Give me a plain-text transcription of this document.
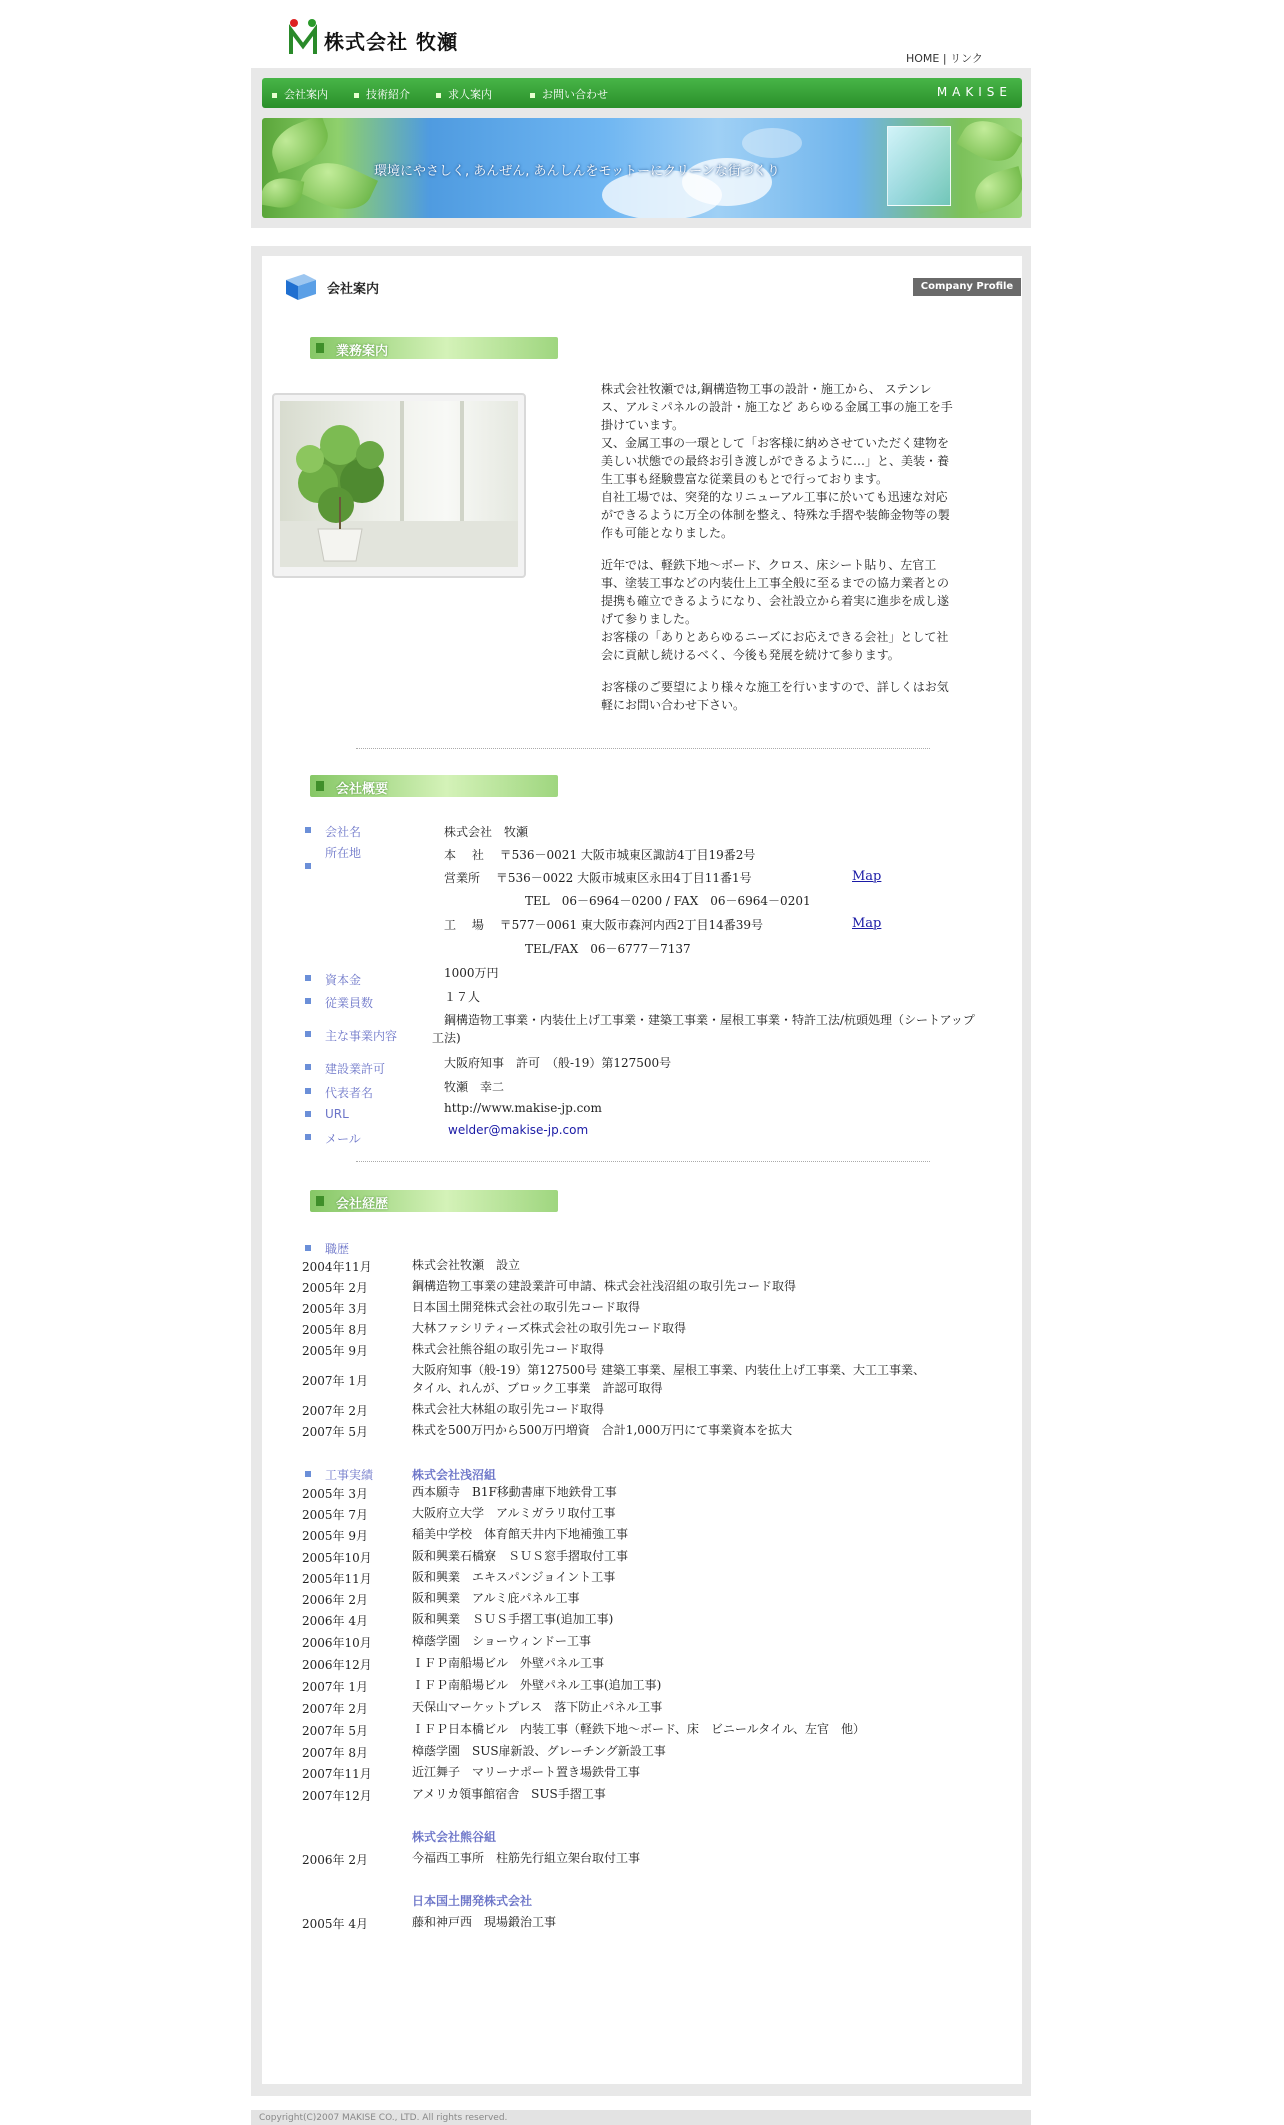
株式会社 牧瀬
HOME | リンク
会社案内	技術紹介	求人案内	お問い合わせ	MAKISE
環境にやさしく, あんぜん, あんしんをモットーにクリーンな街づくり
会社案内	Company Profile
業務案内

株式会社牧瀬では,鋼構造物工事の設計・施工から、 ステンレ
ス、アルミパネルの設計・施工など あらゆる金属工事の施工を手
掛けています。
又、金属工事の一環として「お客様に納めさせていただく建物を
美しい状態での最終お引き渡しができるように…」と、美装・養
生工事も経験豊富な従業員のもとで行っております。
自社工場では、突発的なリニューアル工事に於いても迅速な対応
ができるように万全の体制を整え、特殊な手摺や装飾金物等の製
作も可能となりました。

近年では、軽鉄下地～ボード、クロス、床シート貼り、左官工
事、塗装工事などの内装仕上工事全般に至るまでの協力業者との
提携も確立できるようになり、会社設立から着実に進歩を成し遂
げて参りました。
お客様の「ありとあらゆるニーズにお応えできる会社」として社
会に貢献し続けるべく、今後も発展を続けて参ります。

お客様のご要望により様々な施工を行いますので、詳しくはお気
軽にお問い合わせ下さい。

会社概要
会社名	株式会社　牧瀬
所在地	本　 社　 〒536－0021 大阪市城東区諏訪4丁目19番2号
営業所　 〒536－0022 大阪市城東区永田4丁目11番1号	Map
TEL　06－6964－0200 / FAX　06－6964－0201
工　 場　 〒577－0061 東大阪市森河内西2丁目14番39号	Map
TEL/FAX　06－6777－7137
資本金	1000万円
従業員数	１７人
主な事業内容
鋼構造物工事業・内装仕上げ工事業・建築工事業・屋根工事業・特許工法/杭頭処理（シートアップ
工法)
建設業許可	大阪府知事　許可　（般-19）第127500号
代表者名	牧瀬　幸二
URL	http://www.makise-jp.com
メール
welder@makise-jp.com
会社経歴
職歴
2004年11月	株式会社牧瀬　設立
2005年 2月	鋼構造物工事業の建設業許可申請、株式会社浅沼組の取引先コード取得
2005年 3月	日本国土開発株式会社の取引先コード取得
2005年 8月	大林ファシリティーズ株式会社の取引先コード取得
2005年 9月	株式会社熊谷組の取引先コード取得
2007年 1月
大阪府知事（般-19）第127500号 建築工事業、屋根工事業、内装仕上げ工事業、大工工事業、
タイル、れんが、ブロック工事業　許認可取得
2007年 2月	株式会社大林組の取引先コード取得
2007年 5月	株式を500万円から500万円増資　合計1,000万円にて事業資本を拡大
工事実績	株式会社浅沼組
2005年 3月	西本願寺　B1F移動書庫下地鉄骨工事
2005年 7月	大阪府立大学　アルミガラリ取付工事
2005年 9月	稲美中学校　体育館天井内下地補強工事
2005年10月	阪和興業石橋寮　ＳＵＳ窓手摺取付工事
2005年11月	阪和興業　エキスパンジョイント工事
2006年 2月	阪和興業　アルミ庇パネル工事
2006年 4月	阪和興業　ＳＵＳ手摺工事(追加工事)
2006年10月	樟蔭学園　ショーウィンドー工事
2006年12月	ＩＦＰ南船場ビル　外壁パネル工事
2007年 1月	ＩＦＰ南船場ビル　外壁パネル工事(追加工事)
2007年 2月	天保山マーケットプレス　落下防止パネル工事
2007年 5月	ＩＦＰ日本橋ビル　内装工事（軽鉄下地～ボード、床　ビニールタイル、左官　他）
2007年 8月	樟蔭学園　SUS扉新設、グレーチング新設工事
2007年11月	近江舞子　マリーナポート置き場鉄骨工事
2007年12月	アメリカ領事館宿舎　SUS手摺工事
株式会社熊谷組
2006年 2月	今福西工事所　柱筋先行組立架台取付工事
日本国土開発株式会社
2005年 4月	藤和神戸西　現場鍛治工事
Copyright(C)2007 MAKISE CO., LTD. All rights reserved.
